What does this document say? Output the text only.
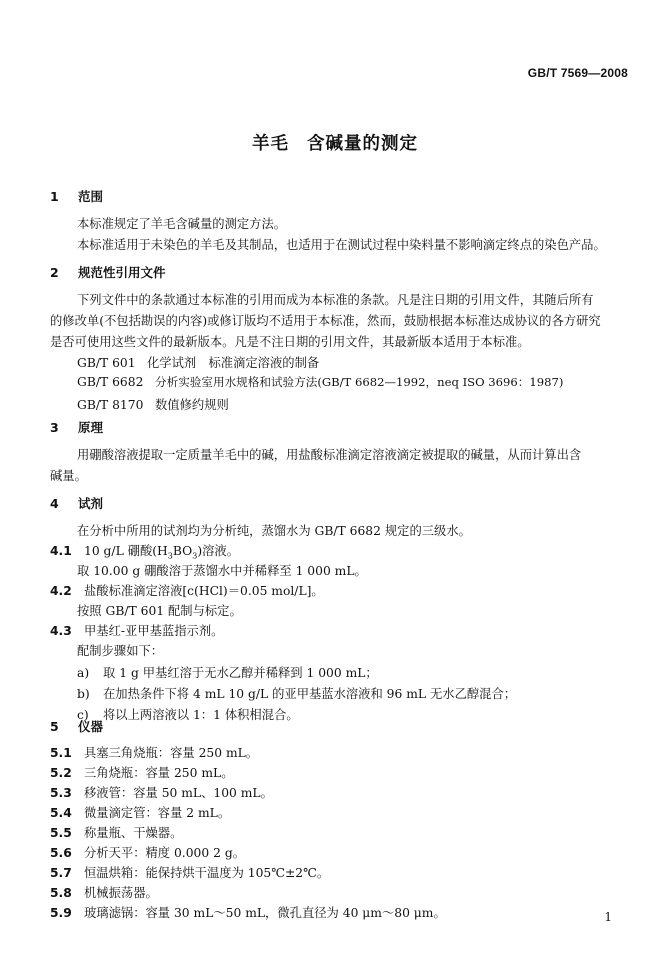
GB/T 7569—2008
羊毛 含碱量的测定
1 范围
本标准规定了羊毛含碱量的测定方法。
本标准适用于未染色的羊毛及其制品，也适用于在测试过程中染料量不影响滴定终点的染色产品。
2 规范性引用文件
下列文件中的条款通过本标准的引用而成为本标准的条款。凡是注日期的引用文件，其随后所有
的修改单(不包括勘误的内容)或修订版均不适用于本标准，然而，鼓励根据本标准达成协议的各方研究
是否可使用这些文件的最新版本。凡是不注日期的引用文件，其最新版本适用于本标准。
GB/T 601 化学试剂　标准滴定溶液的制备
GB/T 6682 分析实验室用水规格和试验方法(GB/T 6682—1992，neq ISO 3696：1987)
GB/T 8170 数值修约规则
3 原理
用硼酸溶液提取一定质量羊毛中的碱，用盐酸标准滴定溶液滴定被提取的碱量，从而计算出含
碱量。
4 试剂
在分析中所用的试剂均为分析纯，蒸馏水为 GB/T 6682 规定的三级水。
4.1 10 g/L 硼酸$(H_3BO_3)$溶液。
取 10.00 g 硼酸溶于蒸馏水中并稀释至 1 000 mL。
4.2 盐酸标准滴定溶液[c(HCl)＝0.05 mol/L]。
按照 GB/T 601 配制与标定。
4.3 甲基红-亚甲基蓝指示剂。
配制步骤如下：
a) 取 1 g 甲基红溶于无水乙醇并稀释到 1 000 mL；
b) 在加热条件下将 4 mL 10 g/L 的亚甲基蓝水溶液和 96 mL 无水乙醇混合；
c) 将以上两溶液以 1：1 体积相混合。
5 仪器
5.1 具塞三角烧瓶：容量 250 mL。
5.2 三角烧瓶：容量 250 mL。
5.3 移液管：容量 50 mL、100 mL。
5.4 微量滴定管：容量 2 mL。
5.5 称量瓶、干燥器。
5.6 分析天平：精度 0.000 2 g。
5.7 恒温烘箱：能保持烘干温度为 105℃±2℃。
5.8 机械振荡器。
5.9 玻璃滤锅：容量 30 mL～50 mL，微孔直径为 40 μm～80 μm。	1
